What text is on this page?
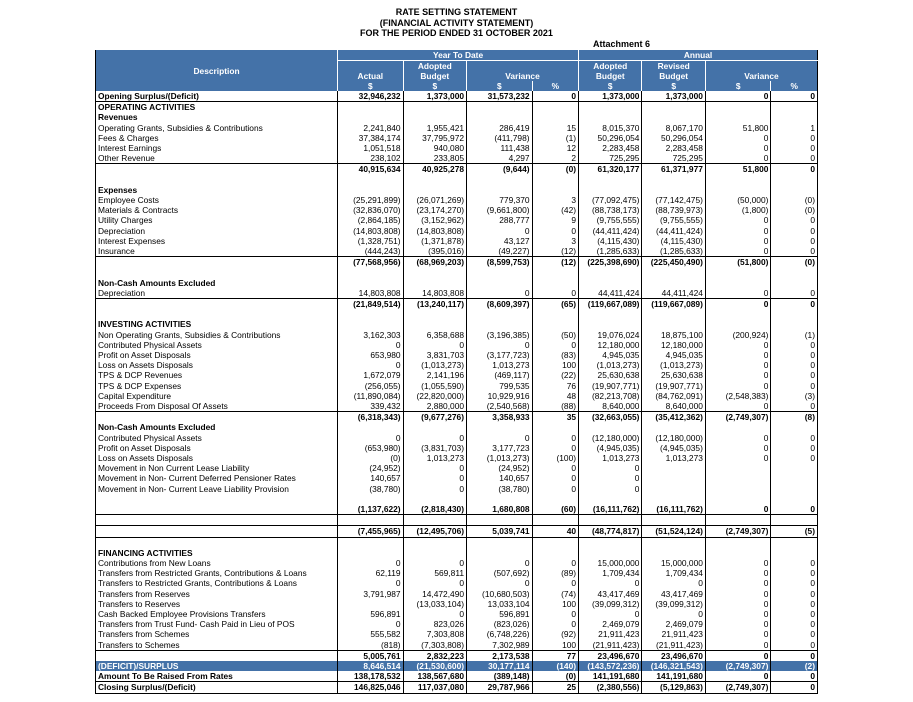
RATE SETTING STATEMENT
(FINANCIAL ACTIVITY STATEMENT)
FOR THE PERIOD ENDED 31 OCTOBER 2021
Attachment 6
	Year To Date				Annual			
Description	Actual	Adopted Budget	Variance		Adopted Budget	Revised Budget	Variance	

	$	$	$	%	$	$	$	%
Opening Surplus/(Deficit)	32,946,232	1,373,000	31,573,232	0	1,373,000	1,373,000	0	0
OPERATING ACTIVITIES								
Revenues								
Operating Grants, Subsidies & Contributions	2,241,840	1,955,421	286,419	15	8,015,370	8,067,170	51,800	1
Fees & Charges	37,384,174	37,795,972	(411,798)	(1)	50,296,054	50,296,054	0	0
Interest Earnings	1,051,518	940,080	111,438	12	2,283,458	2,283,458	0	0
Other Revenue	238,102	233,805	4,297	2	725,295	725,295	0	0
	40,915,634	40,925,278	(9,644)	(0)	61,320,177	61,371,977	51,800	0

Expenses								
Employee Costs	(25,291,899)	(26,071,269)	779,370	3	(77,092,475)	(77,142,475)	(50,000)	(0)
Materials & Contracts	(32,836,070)	(23,174,270)	(9,661,800)	(42)	(88,738,173)	(88,739,973)	(1,800)	(0)
Utility Charges	(2,864,185)	(3,152,962)	288,777	9	(9,755,555)	(9,755,555)	0	0
Depreciation	(14,803,808)	(14,803,808)	0	0	(44,411,424)	(44,411,424)	0	0
Interest Expenses	(1,328,751)	(1,371,878)	43,127	3	(4,115,430)	(4,115,430)	0	0
Insurance	(444,243)	(395,016)	(49,227)	(12)	(1,285,633)	(1,285,633)	0	0
	(77,568,956)	(68,969,203)	(8,599,753)	(12)	(225,398,690)	(225,450,490)	(51,800)	(0)

Non-Cash Amounts Excluded								
Depreciation	14,803,808	14,803,808	0	0	44,411,424	44,411,424	0	0
	(21,849,514)	(13,240,117)	(8,609,397)	(65)	(119,667,089)	(119,667,089)	0	0

INVESTING ACTIVITIES								
Non Operating Grants, Subsidies & Contributions	3,162,303	6,358,688	(3,196,385)	(50)	19,076,024	18,875,100	(200,924)	(1)
Contributed Physical Assets	0	0	0	0	12,180,000	12,180,000	0	0
Profit on Asset Disposals	653,980	3,831,703	(3,177,723)	(83)	4,945,035	4,945,035	0	0
Loss on Assets Disposals	0	(1,013,273)	1,013,273	100	(1,013,273)	(1,013,273)	0	0
TPS & DCP Revenues	1,672,079	2,141,196	(469,117)	(22)	25,630,638	25,630,638	0	0
TPS & DCP Expenses	(256,055)	(1,055,590)	799,535	76	(19,907,771)	(19,907,771)	0	0
Capital Expenditure	(11,890,084)	(22,820,000)	10,929,916	48	(82,213,708)	(84,762,091)	(2,548,383)	(3)
Proceeds From Disposal Of Assets	339,432	2,880,000	(2,540,568)	(88)	8,640,000	8,640,000	0	0
	(6,318,343)	(9,677,276)	3,358,933	35	(32,663,055)	(35,412,362)	(2,749,307)	(8)
Non-Cash Amounts Excluded								
Contributed Physical Assets	0	0	0	0	(12,180,000)	(12,180,000)	0	0
Profit on Asset Disposals	(653,980)	(3,831,703)	3,177,723	0	(4,945,035)	(4,945,035)	0	0
Loss on Assets Disposals	(0)	1,013,273	(1,013,273)	(100)	1,013,273	1,013,273	0	0
Movement in Non Current Lease Liability	(24,952)	0	(24,952)	0	0			
Movement in Non- Current Deferred Pensioner Rates	140,657	0	140,657	0	0			
Movement in Non- Current Leave Liability Provision	(38,780)	0	(38,780)	0	0			

	(1,137,622)	(2,818,430)	1,680,808	(60)	(16,111,762)	(16,111,762)	0	0

	(7,455,965)	(12,495,706)	5,039,741	40	(48,774,817)	(51,524,124)	(2,749,307)	(5)

FINANCING ACTIVITIES								
Contributions from New Loans	0	0	0	0	15,000,000	15,000,000	0	0
Transfers from Restricted Grants, Contributions & Loans	62,119	569,811	(507,692)	(89)	1,709,434	1,709,434	0	0
Transfers to Restricted Grants, Contributions & Loans	0	0	0	0	0	0	0	0
Transfers from Reserves	3,791,987	14,472,490	(10,680,503)	(74)	43,417,469	43,417,469	0	0
Transfers to Reserves		(13,033,104)	13,033,104	100	(39,099,312)	(39,099,312)	0	0
Cash Backed Employee Provisions Transfers	596,891	0	596,891	0	0	0	0	0
Transfers from Trust Fund- Cash Paid in Lieu of POS	0	823,026	(823,026)	0	2,469,079	2,469,079	0	0
Transfers from Schemes	555,582	7,303,808	(6,748,226)	(92)	21,911,423	21,911,423	0	0
Transfers to Schemes	(818)	(7,303,808)	7,302,989	100	(21,911,423)	(21,911,423)	0	0
	5,005,761	2,832,223	2,173,538	77	23,496,670	23,496,670	0	0
(DEFICIT)/SURPLUS	8,646,514	(21,530,600)	30,177,114	(140)	(143,572,236)	(146,321,543)	(2,749,307)	(2)
Amount To Be Raised From Rates	138,178,532	138,567,680	(389,148)	(0)	141,191,680	141,191,680	0	0
Closing Surplus/(Deficit)	146,825,046	117,037,080	29,787,966	25	(2,380,556)	(5,129,863)	(2,749,307)	0
